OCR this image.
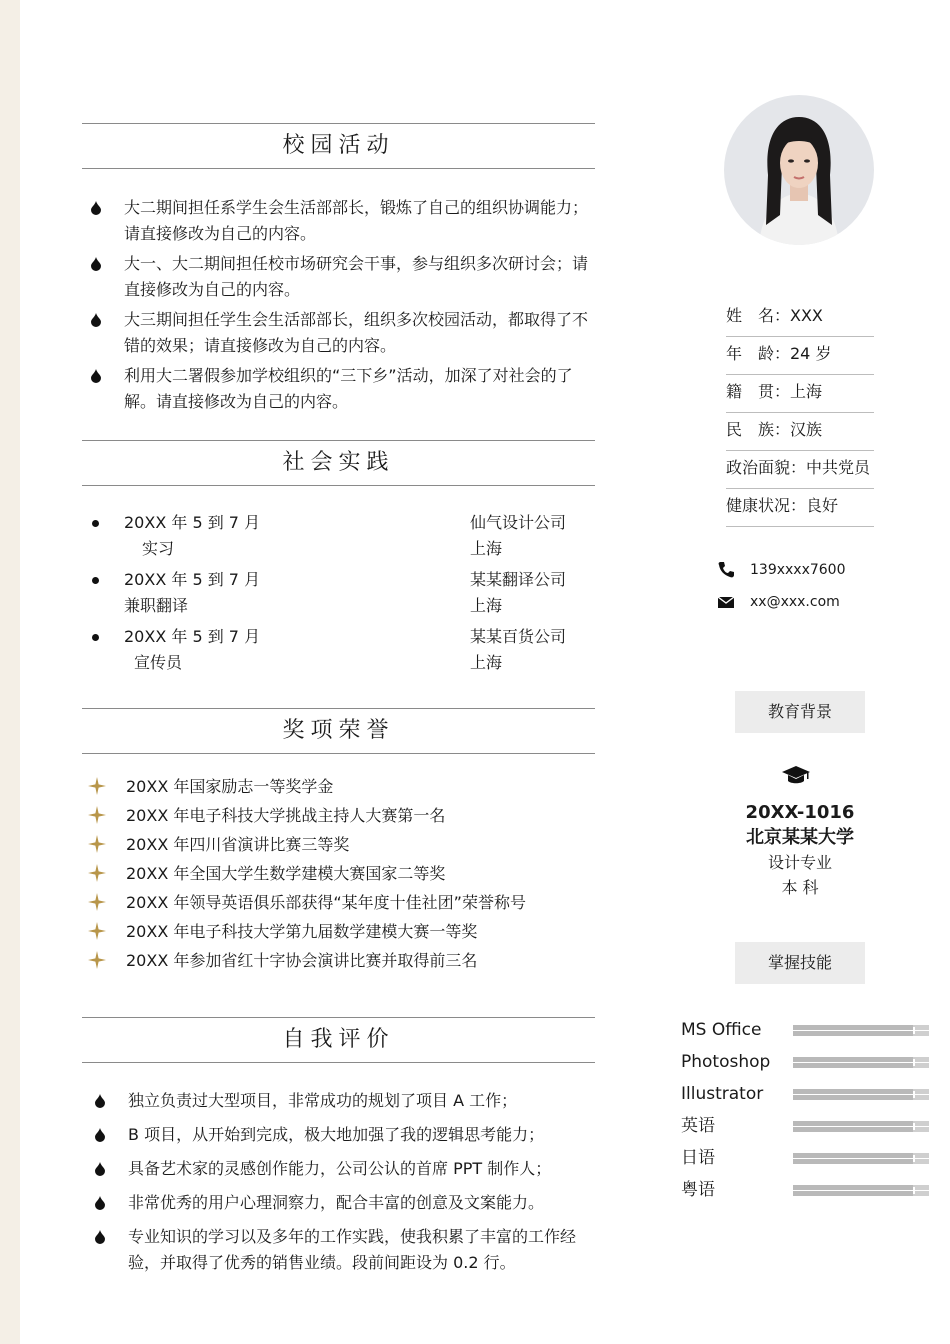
校园活动
大二期间担任系学生会生活部部长，锻炼了自己的组织协调能力；请直接修改为自己的内容。
大一、大二期间担任校市场研究会干事，参与组织多次研讨会；请直接修改为自己的内容。
大三期间担任学生会生活部部长，组织多次校园活动，都取得了不错的效果；请直接修改为自己的内容。
利用大二署假参加学校组织的“三下乡”活动，加深了对社会的了解。请直接修改为自己的内容。
社会实践
20XX 年 5 到 7 月
实习
仙气设计公司
上海
20XX 年 5 到 7 月
兼职翻译
某某翻译公司
上海
20XX 年 5 到 7 月
宣传员
某某百货公司
上海
奖项荣誉
20XX 年国家励志一等奖学金
20XX 年电子科技大学挑战主持人大赛第一名
20XX 年四川省演讲比赛三等奖
20XX 年全国大学生数学建模大赛国家二等奖
20XX 年领导英语俱乐部获得“某年度十佳社团”荣誉称号
20XX 年电子科技大学第九届数学建模大赛一等奖
20XX 年参加省红十字协会演讲比赛并取得前三名
自我评价
独立负责过大型项目，非常成功的规划了项目 A 工作；
B 项目，从开始到完成，极大地加强了我的逻辑思考能力；
具备艺术家的灵感创作能力，公司公认的首席 PPT 制作人；
非常优秀的用户心理洞察力，配合丰富的创意及文案能力。
专业知识的学习以及多年的工作实践，使我积累了丰富的工作经验，并取得了优秀的销售业绩。段前间距设为 0.2 行。
姓　名：XXX
年　龄：24 岁
籍　贯：上海
民　族：汉族
政治面貌：中共党员
健康状况：良好
139xxxx7600
xx@xxx.com
教育背景
20XX-1016
北京某某大学
设计专业
本 科
掌握技能
MS Office
Photoshop
Illustrator
英语
日语
粤语
